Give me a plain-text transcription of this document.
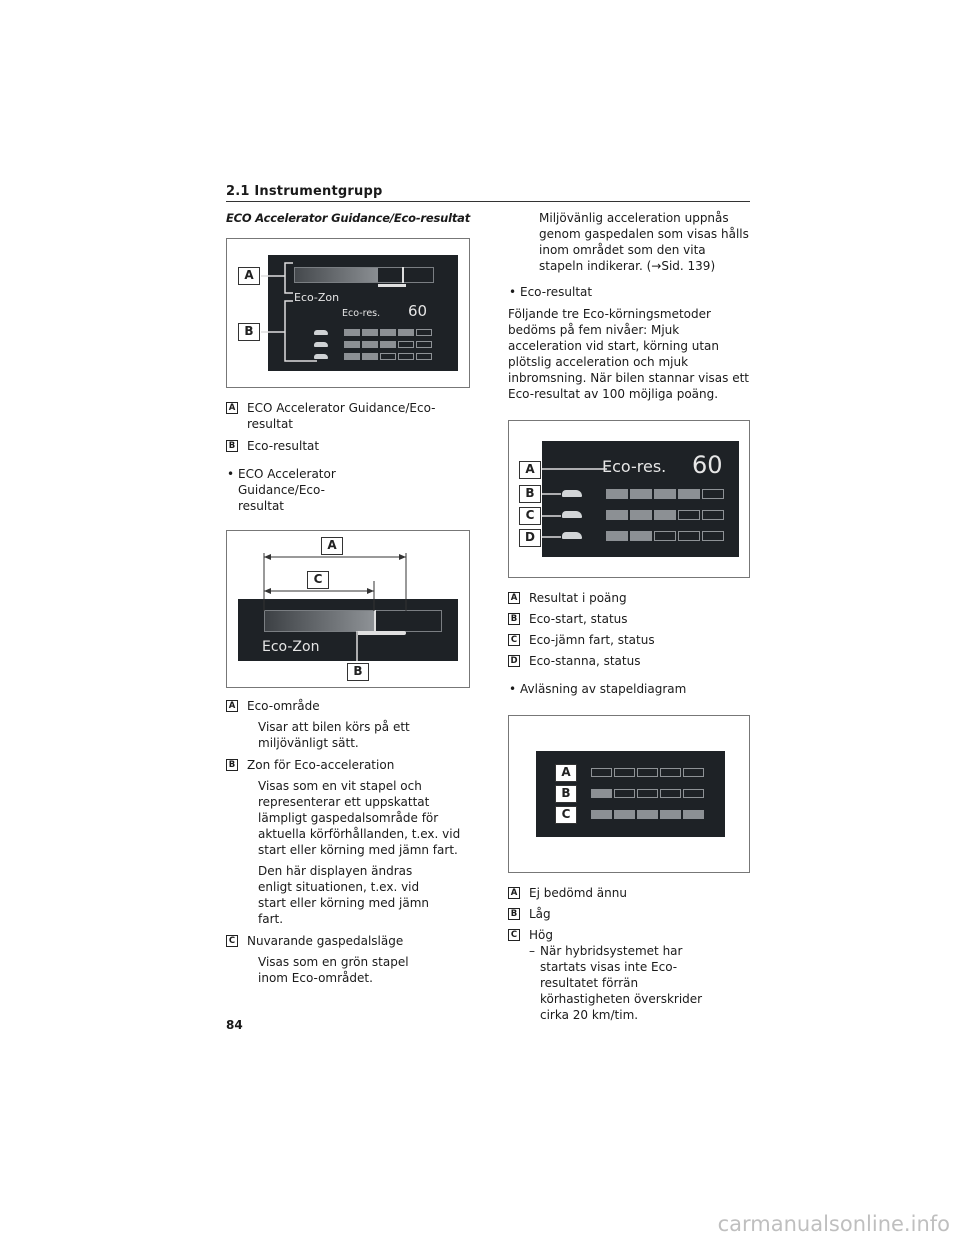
2.1 Instrumentgrupp
ECO Accelerator Guidance/Eco-resultat
Eco-Zon
Eco-res. 60
A
B
A ECO Accelerator Guidance/Eco-resultat
B Eco-resultat
• ECO Accelerator Guidance/Eco-resultat
Eco-Zon
A
C
B
A Eco-område
Visar att bilen körs på ett miljövänligt sätt.
B Zon för Eco-acceleration
Visas som en vit stapel och representerar ett uppskattat lämpligt gaspedalsområde för aktuella körförhållanden, t.ex. vid start eller körning med jämn fart.
Den här displayen ändras enligt situationen, t.ex. vid start eller körning med jämn fart.
C Nuvarande gaspedalsläge
Visas som en grön stapel inom Eco-området.
Miljövänlig acceleration uppnås genom gaspedalen som visas hålls inom området som den vita stapeln indikerar. (→Sid. 139)
• Eco-resultat
Följande tre Eco-körningsmetoder bedöms på fem nivåer: Mjuk acceleration vid start, körning utan plötslig acceleration och mjuk inbromsning. När bilen stannar visas ett Eco-resultat av 100 möjliga poäng.
Eco-res. 60
A
B
C
D
A Resultat i poäng
B Eco-start, status
C Eco-jämn fart, status
D Eco-stanna, status
• Avläsning av stapeldiagram
A
B
C
A Ej bedömd ännu
B Låg
C Hög
– När hybridsystemet har startats visas inte Eco-resultatet förrän körhastigheten överskrider cirka 20 km/tim.
84
carmanualsonline.info
